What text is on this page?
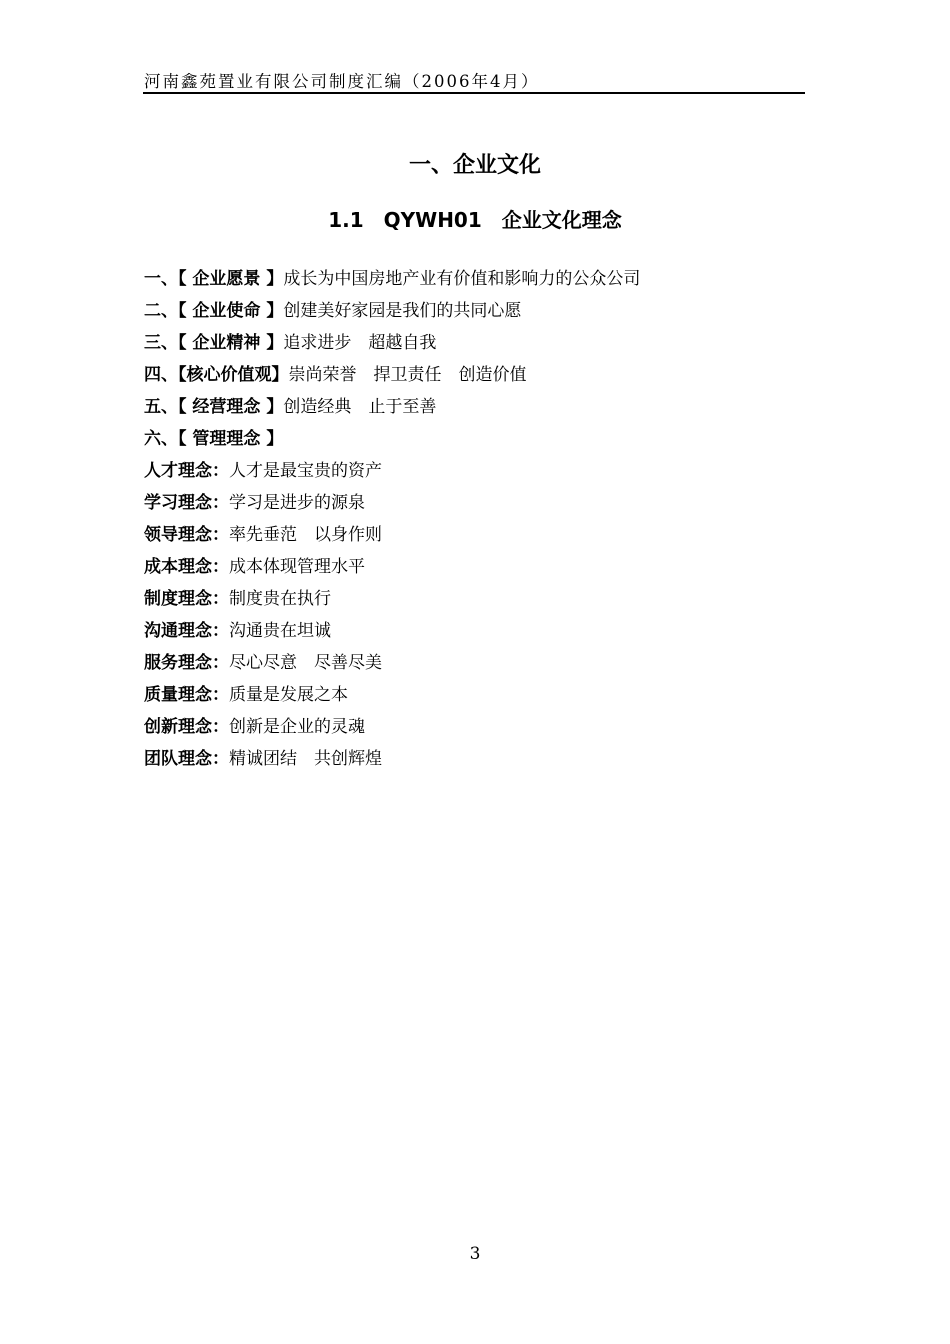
河南鑫苑置业有限公司制度汇编（2006年4月）
一、企业文化
1.1　QYWH01　企业文化理念
一、【 企业愿景 】成长为中国房地产业有价值和影响力的公众公司
二、【 企业使命 】创建美好家园是我们的共同心愿
三、【 企业精神 】追求进步　超越自我
四、【核心价值观】崇尚荣誉　捍卫责任　创造价值
五、【 经营理念 】创造经典　止于至善
六、【 管理理念 】
人才理念：人才是最宝贵的资产
学习理念：学习是进步的源泉
领导理念：率先垂范　以身作则
成本理念：成本体现管理水平
制度理念：制度贵在执行
沟通理念：沟通贵在坦诚
服务理念：尽心尽意　尽善尽美
质量理念：质量是发展之本
创新理念：创新是企业的灵魂
团队理念：精诚团结　共创辉煌
3
